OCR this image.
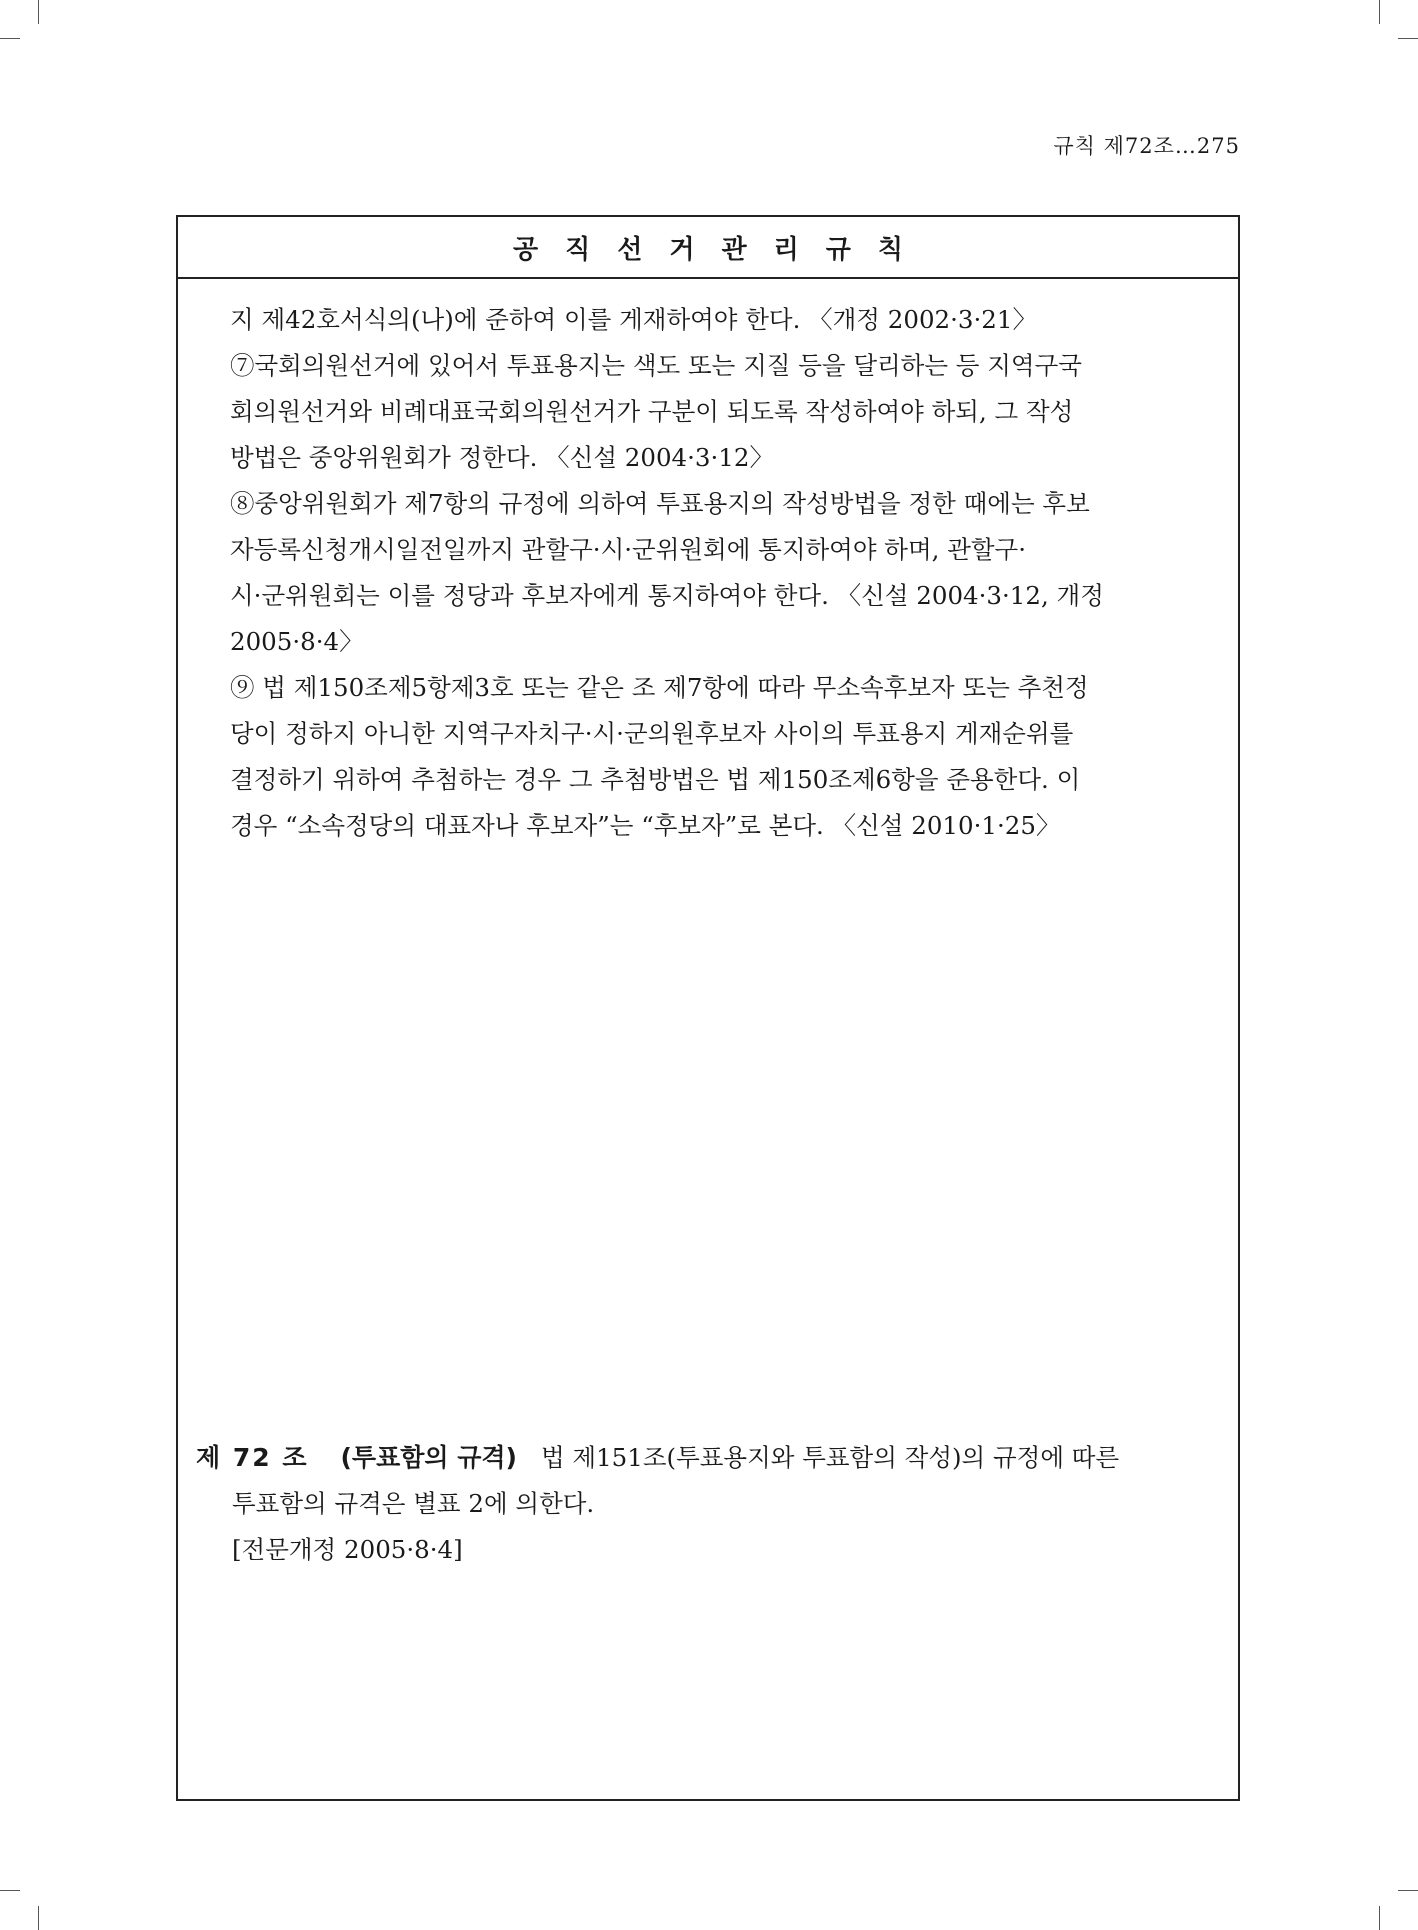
규칙 제72조…275
공직선거관리규칙

지 제42호서식의(나)에 준하여 이를 게재하여야 한다. 〈개정 2002·3·21〉

⑦국회의원선거에 있어서 투표용지는 색도 또는 지질 등을 달리하는 등 지역구국
회의원선거와 비례대표국회의원선거가 구분이 되도록 작성하여야 하되, 그 작성
방법은 중앙위원회가 정한다. 〈신설 2004·3·12〉

⑧중앙위원회가 제7항의 규정에 의하여 투표용지의 작성방법을 정한 때에는 후보
자등록신청개시일전일까지 관할구·시·군위원회에 통지하여야 하며, 관할구·
시·군위원회는 이를 정당과 후보자에게 통지하여야 한다. 〈신설 2004·3·12, 개정
2005·8·4〉

⑨ 법 제150조제5항제3호 또는 같은 조 제7항에 따라 무소속후보자 또는 추천정
당이 정하지 아니한 지역구자치구·시·군의원후보자 사이의 투표용지 게재순위를
결정하기 위하여 추첨하는 경우 그 추첨방법은 법 제150조제6항을 준용한다. 이
경우 “소속정당의 대표자나 후보자”는 “후보자”로 본다. 〈신설 2010·1·25〉

제 72 조 (투표함의 규격) 법 제151조(투표용지와 투표함의 작성)의 규정에 따른

투표함의 규격은 별표 2에 의한다.

[전문개정 2005·8·4]
